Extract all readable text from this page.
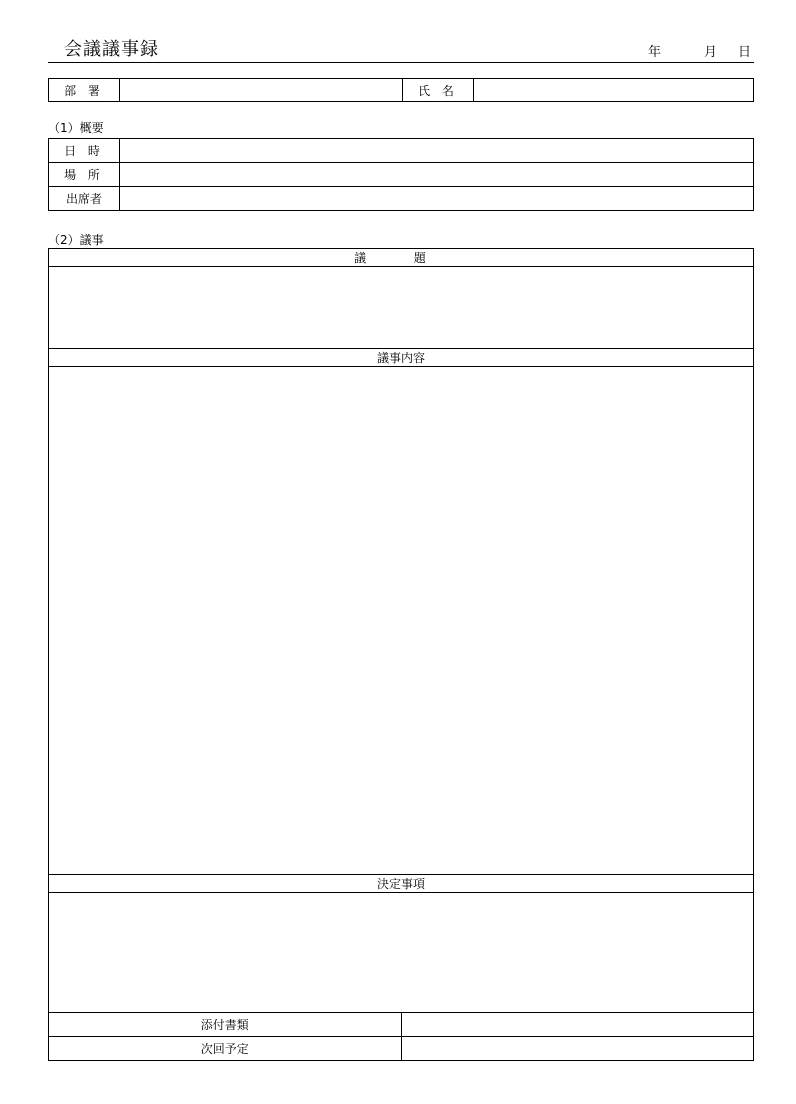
会議議事録	年	月 日
部 署		氏 名	
（1）概要
日 時	
場 所	
出席者	
（2）議事
議 題	

議事内容	

決定事項	

添付書類	
次回予定	
